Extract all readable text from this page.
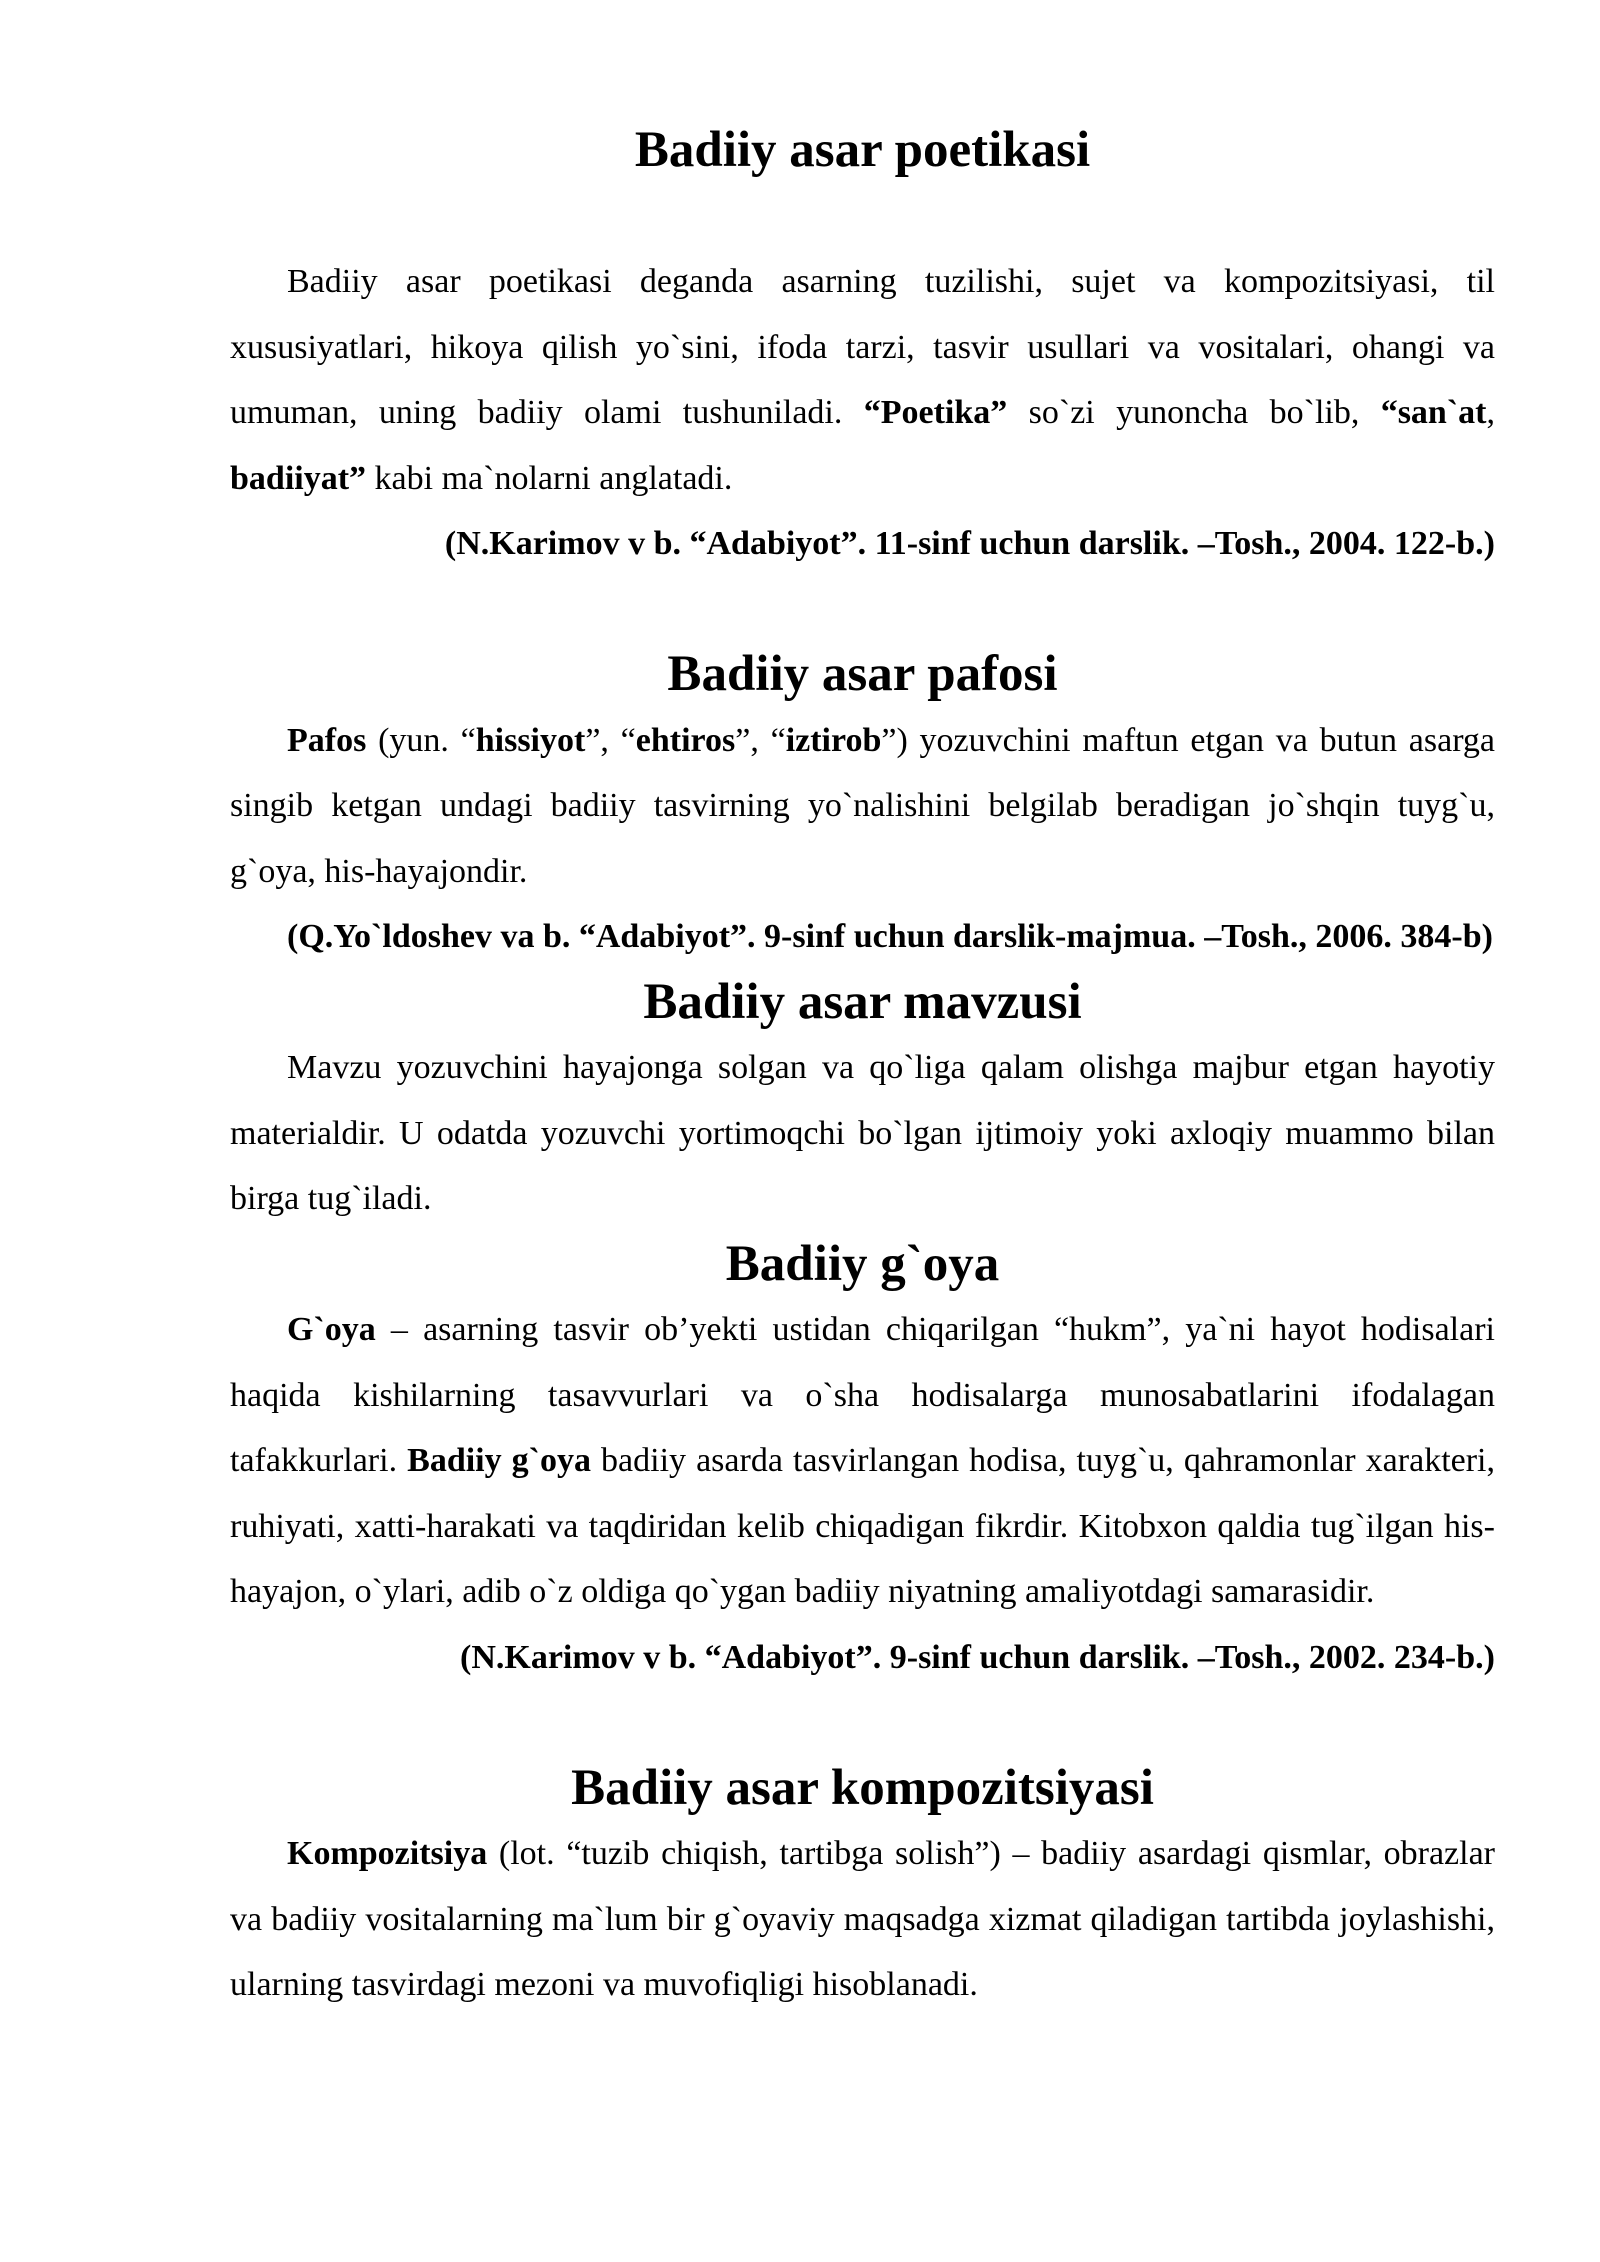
Badiiy asar poetikasi

Badiiy asar poetikasi deganda asarning tuzilishi, sujet va kompozitsiyasi, til xususiyatlari, hikoya qilish yo`sini, ifoda tarzi, tasvir usullari va vositalari, ohangi va umuman, uning badiiy olami tushuniladi. “Poetika” so`zi yunoncha bo`lib, “san`at, badiiyat” kabi ma`nolarni anglatadi.

(N.Karimov v b. “Adabiyot”. 11-sinf uchun darslik. –Tosh., 2004. 122-b.)

Badiiy asar pafosi

Pafos (yun. “hissiyot”, “ehtiros”, “iztirob”) yozuvchini maftun etgan va butun asarga singib ketgan undagi badiiy tasvirning yo`nalishini belgilab beradigan jo`shqin tuyg`u, g`oya, his-hayajondir.

(Q.Yo`ldoshev va b. “Adabiyot”. 9-sinf uchun darslik-majmua. –Tosh., 2006. 384-b)

Badiiy asar mavzusi

Mavzu yozuvchini hayajonga solgan va qo`liga qalam olishga majbur etgan hayotiy materialdir. U odatda yozuvchi yortimoqchi bo`lgan ijtimoiy yoki axloqiy muammo bilan birga tug`iladi.

Badiiy g`oya

G`oya – asarning tasvir ob’yekti ustidan chiqarilgan “hukm”, ya`ni hayot hodisalari haqida kishilarning tasavvurlari va o`sha hodisalarga munosabatlarini ifodalagan tafakkurlari. Badiiy g`oya badiiy asarda tasvirlangan hodisa, tuyg`u, qahramonlar xarakteri, ruhiyati, xatti-harakati va taqdiridan kelib chiqadigan fikrdir. Kitobxon qaldia tug`ilgan his-hayajon, o`ylari, adib o`z oldiga qo`ygan badiiy niyatning amaliyotdagi samarasidir.

(N.Karimov v b. “Adabiyot”. 9-sinf uchun darslik. –Tosh., 2002. 234-b.)

Badiiy asar kompozitsiyasi

Kompozitsiya (lot. “tuzib chiqish, tartibga solish”) – badiiy asardagi qismlar, obrazlar va badiiy vositalarning ma`lum bir g`oyaviy maqsadga xizmat qiladigan tartibda joylashishi, ularning tasvirdagi mezoni va muvofiqligi hisoblanadi.
